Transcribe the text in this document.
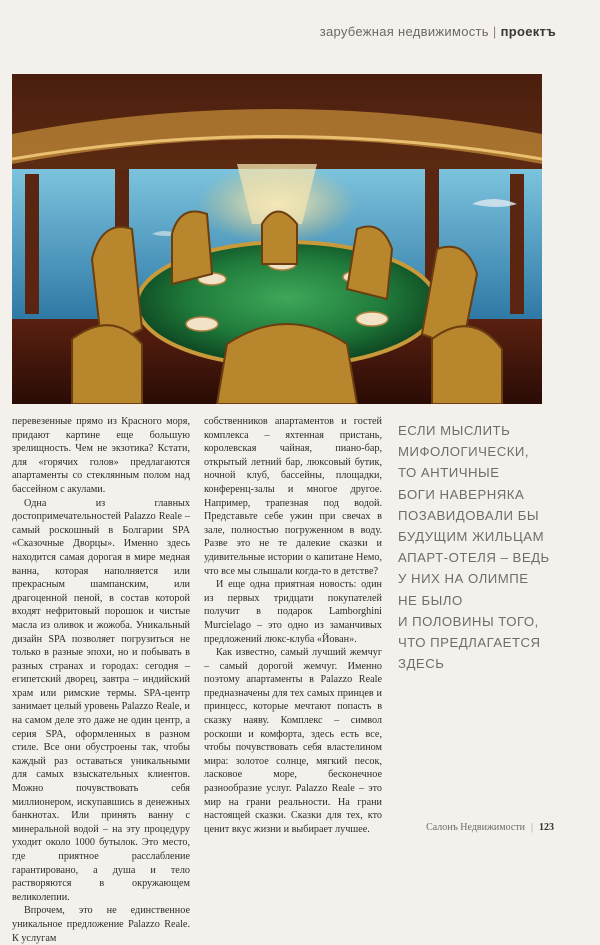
зарубежная недвижимость | проектъ

перевезенные прямо из Красного моря, придают картине еще большую зрелищность. Чем не экзотика? Кстати, для «горячих голов» предлагаются апартаменты со стеклянным полом над бассейном с акулами.

Одна из главных достопримечательностей Palazzo Reale – самый роскошный в Болгарии SPA «Сказочные Дворцы». Именно здесь находится самая дорогая в мире медная ванна, которая наполняется или прекрасным шампанским, или драгоценной пеной, в состав которой входят нефритовый порошок и чистые масла из оливок и жожоба. Уникальный дизайн SPA позволяет погрузиться не только в разные эпохи, но и побывать в разных странах и городах: сегодня – египетский дворец, завтра – индийский храм или римские термы. SPA-центр занимает целый уровень Palazzo Reale, и на самом деле это даже не один центр, а серия SPA, оформленных в разном стиле. Все они обустроены так, чтобы каждый раз оставаться уникальными для самых взыскательных клиентов. Можно почувствовать себя миллионером, искупавшись в денежных банкнотах. Или принять ванну с минеральной водой – на эту процедуру уходит около 1000 бутылок. Это место, где приятное расслабление гарантировано, а душа и тело растворяются в окружающем великолепии.

Впрочем, это не единственное уникальное предложение Palazzo Reale. К услугам

собственников апартаментов и гостей комплекса – яхтенная пристань, королевская чайная, пиано-бар, открытый летний бар, люксовый бутик, ночной клуб, бассейны, площадки, конференц-залы и многое другое. Например, трапезная под водой. Представьте себе ужин при свечах в зале, полностью погруженном в воду. Разве это не те далекие сказки и удивительные истории о капитане Немо, что все мы слышали когда-то в детстве?

И еще одна приятная новость: один из первых тридцати покупателей получит в подарок Lamborghini Murcielago – это одно из заманчивых предложений люкс-клуба «Йован».

Как известно, самый лучший жемчуг – самый дорогой жемчуг. Именно поэтому апартаменты в Palazzo Reale предназначены для тех самых принцев и принцесс, которые мечтают попасть в сказку наяву. Комплекс – символ роскоши и комфорта, здесь есть все, чтобы почувствовать себя властелином мира: золотое солнце, мягкий песок, ласковое море, бесконечное разнообразие услуг. Palazzo Reale – это мир на грани реальности. На грани настоящей сказки. Сказки для тех, кто ценит вкус жизни и выбирает лучшее.

ЕСЛИ МЫСЛИТЬ
МИФОЛОГИЧЕСКИ,
ТО АНТИЧНЫЕ
БОГИ НАВЕРНЯКА
ПОЗАВИДОВАЛИ БЫ
БУДУЩИМ ЖИЛЬЦАМ
АПАРТ-ОТЕЛЯ – ВЕДЬ
У НИХ НА ОЛИМПЕ
НЕ БЫЛО
И ПОЛОВИНЫ ТОГО,
ЧТО ПРЕДЛАГАЕТСЯ
ЗДЕСЬ
Салонъ Недвижимости | 123
